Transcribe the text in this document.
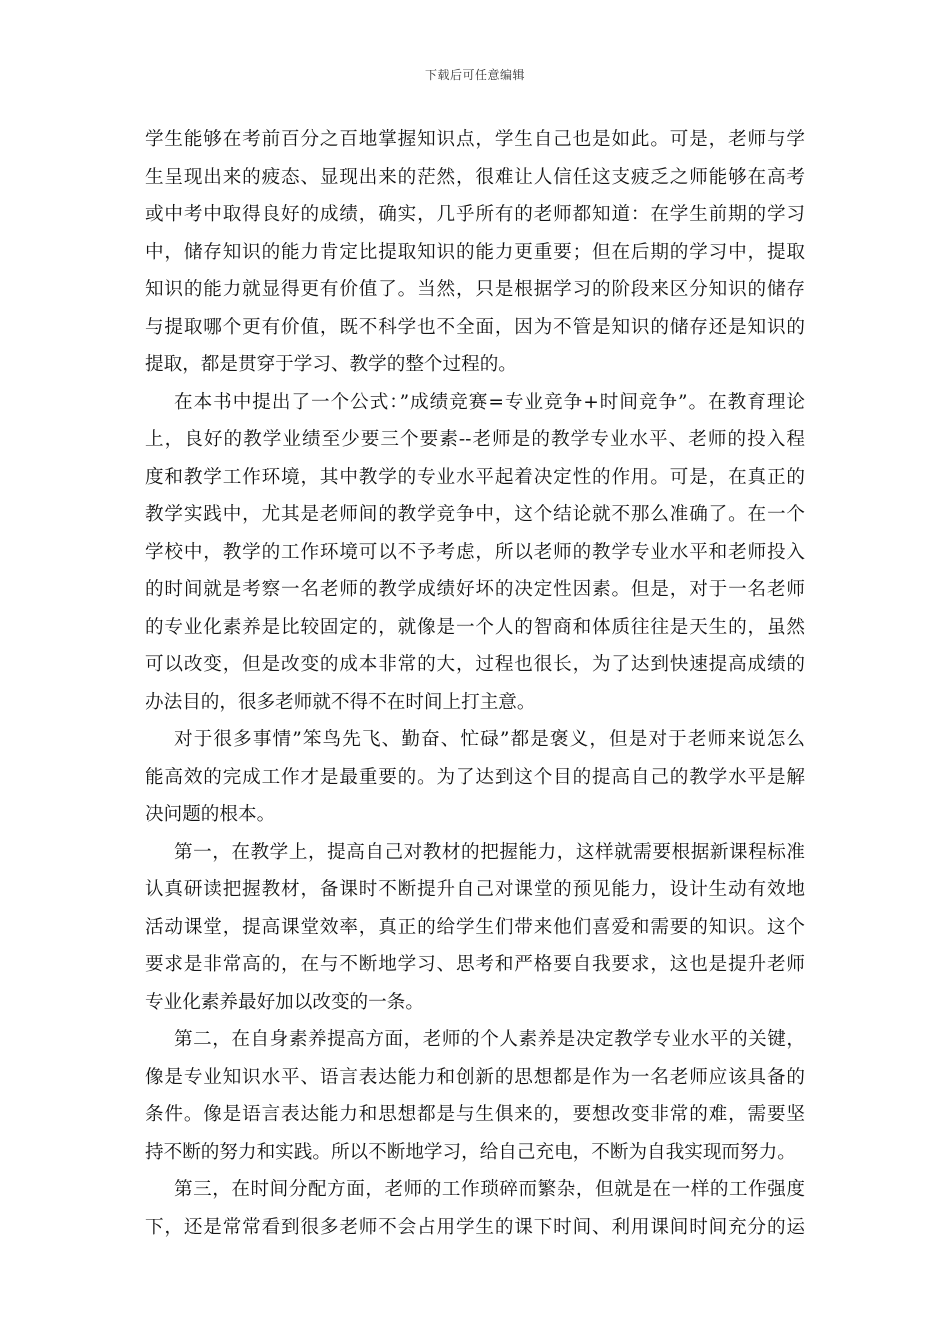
下载后可任意编辑
学生能够在考前百分之百地掌握知识点，学生自己也是如此。可是，老师与学
生呈现出来的疲态、显现出来的茫然，很难让人信任这支疲乏之师能够在高考
或中考中取得良好的成绩，确实，几乎所有的老师都知道：在学生前期的学习
中，储存知识的能力肯定比提取知识的能力更重要；但在后期的学习中，提取
知识的能力就显得更有价值了。当然，只是根据学习的阶段来区分知识的储存
与提取哪个更有价值，既不科学也不全面，因为不管是知识的储存还是知识的
提取，都是贯穿于学习、教学的整个过程的。
在本书中提出了一个公式：”成绩竞赛=专业竞争+时间竞争”。在教育理论
上，良好的教学业绩至少要三个要素--老师是的教学专业水平、老师的投入程
度和教学工作环境，其中教学的专业水平起着决定性的作用。可是，在真正的
教学实践中，尤其是老师间的教学竞争中，这个结论就不那么准确了。在一个
学校中，教学的工作环境可以不予考虑，所以老师的教学专业水平和老师投入
的时间就是考察一名老师的教学成绩好坏的决定性因素。但是，对于一名老师
的专业化素养是比较固定的，就像是一个人的智商和体质往往是天生的，虽然
可以改变，但是改变的成本非常的大，过程也很长，为了达到快速提高成绩的
办法目的，很多老师就不得不在时间上打主意。
对于很多事情”笨鸟先飞、勤奋、忙碌”都是褒义，但是对于老师来说怎么
能高效的完成工作才是最重要的。为了达到这个目的提高自己的教学水平是解
决问题的根本。
第一，在教学上，提高自己对教材的把握能力，这样就需要根据新课程标准
认真研读把握教材，备课时不断提升自己对课堂的预见能力，设计生动有效地
活动课堂，提高课堂效率，真正的给学生们带来他们喜爱和需要的知识。这个
要求是非常高的，在与不断地学习、思考和严格要自我要求，这也是提升老师
专业化素养最好加以改变的一条。
第二，在自身素养提高方面，老师的个人素养是决定教学专业水平的关键，
像是专业知识水平、语言表达能力和创新的思想都是作为一名老师应该具备的
条件。像是语言表达能力和思想都是与生俱来的，要想改变非常的难，需要坚
持不断的努力和实践。所以不断地学习，给自己充电，不断为自我实现而努力。
第三，在时间分配方面，老师的工作琐碎而繁杂，但就是在一样的工作强度
下，还是常常看到很多老师不会占用学生的课下时间、利用课间时间充分的运
